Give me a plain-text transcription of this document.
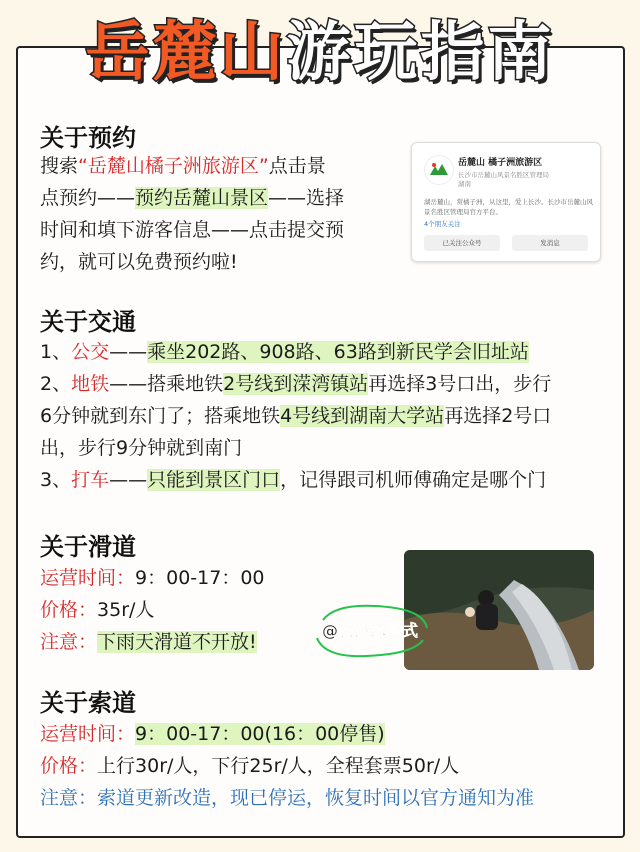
岳麓山 游玩指南
关于预约
搜索“岳麓山橘子洲旅游区”点击景
点预约——预约岳麓山景区——选择
时间和填下游客信息——点击提交预
约，就可以免费预约啦!
岳麓山 橘子洲旅游区
长沙市岳麓山风景名胜区管理局
湖南
湖岳麓山，赏橘子洲，从这里，爱上长沙。长沙市岳麓山风景名胜区管理局官方平台。
4个朋友关注
已关注公众号	发消息
关于交通
1、公交——乘坐202路、908路、63路到新民学会旧址站
2、地铁——搭乘地铁2号线到溁湾镇站再选择3号口出，步行
6分钟就到东门了；搭乘地铁4号线到湖南大学站再选择2号口
出，步行9分钟就到南门
3、打车——只能到景区门口，记得跟司机师傅确定是哪个门
关于滑道
运营时间：9：00-17：00
价格：35r/人
注意：下雨天滑道不开放!
@长沙冰美式
关于索道
运营时间：9：00-17：00(16：00停售)
价格：上行30r/人，下行25r/人，全程套票50r/人
注意：索道更新改造，现已停运，恢复时间以官方通知为准
